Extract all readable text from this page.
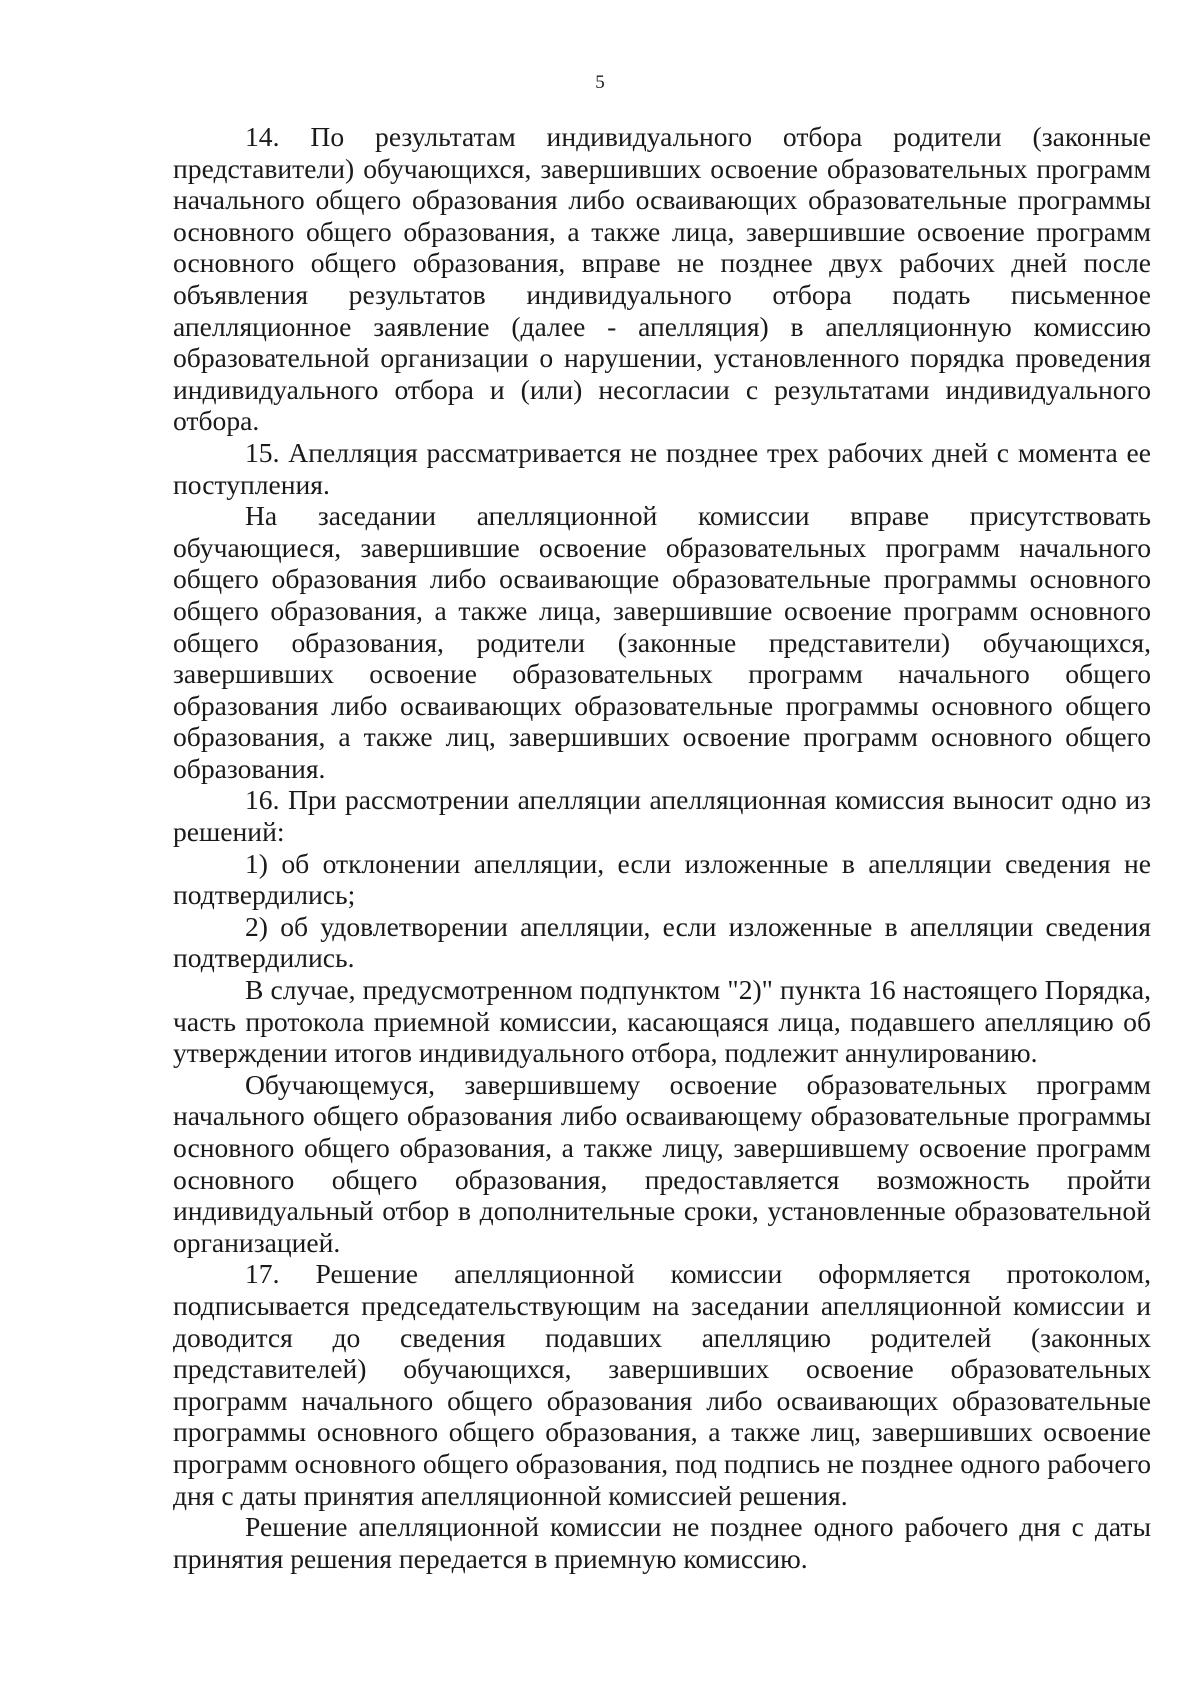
5

14. По результатам индивидуального отбора родители (законные представители) обучающихся, завершивших освоение образовательных программ начального общего образования либо осваивающих образовательные программы основного общего образования, а также лица, завершившие освоение программ основного общего образования, вправе не позднее двух рабочих дней после объявления результатов индивидуального отбора подать письменное апелляционное заявление (далее - апелляция) в апелляционную комиссию образовательной организации о нарушении, установленного порядка проведения индивидуального отбора и (или) несогласии с результатами индивидуального отбора.

15. Апелляция рассматривается не позднее трех рабочих дней с момента ее поступления.

На заседании апелляционной комиссии вправе присутствовать обучающиеся, завершившие освоение образовательных программ начального общего образования либо осваивающие образовательные программы основного общего образования, а также лица, завершившие освоение программ основного общего образования, родители (законные представители) обучающихся, завершивших освоение образовательных программ начального общего образования либо осваивающих образовательные программы основного общего образования, а также лиц, завершивших освоение программ основного общего образования.

16. При рассмотрении апелляции апелляционная комиссия выносит одно из решений:

1) об отклонении апелляции, если изложенные в апелляции сведения не подтвердились;

2) об удовлетворении апелляции, если изложенные в апелляции сведения подтвердились.

В случае, предусмотренном подпунктом "2)" пункта 16 настоящего Порядка, часть протокола приемной комиссии, касающаяся лица, подавшего апелляцию об утверждении итогов индивидуального отбора, подлежит аннулированию.

Обучающемуся, завершившему освоение образовательных программ начального общего образования либо осваивающему образовательные программы основного общего образования, а также лицу, завершившему освоение программ основного общего образования, предоставляется возможность пройти индивидуальный отбор в дополнительные сроки, установленные образовательной организацией.

17. Решение апелляционной комиссии оформляется протоколом, подписывается председательствующим на заседании апелляционной комиссии и доводится до сведения подавших апелляцию родителей (законных представителей) обучающихся, завершивших освоение образовательных программ начального общего образования либо осваивающих образовательные программы основного общего образования, а также лиц, завершивших освоение программ основного общего образования, под подпись не позднее одного рабочего дня с даты принятия апелляционной комиссией решения.

Решение апелляционной комиссии не позднее одного рабочего дня с даты принятия решения передается в приемную комиссию.
